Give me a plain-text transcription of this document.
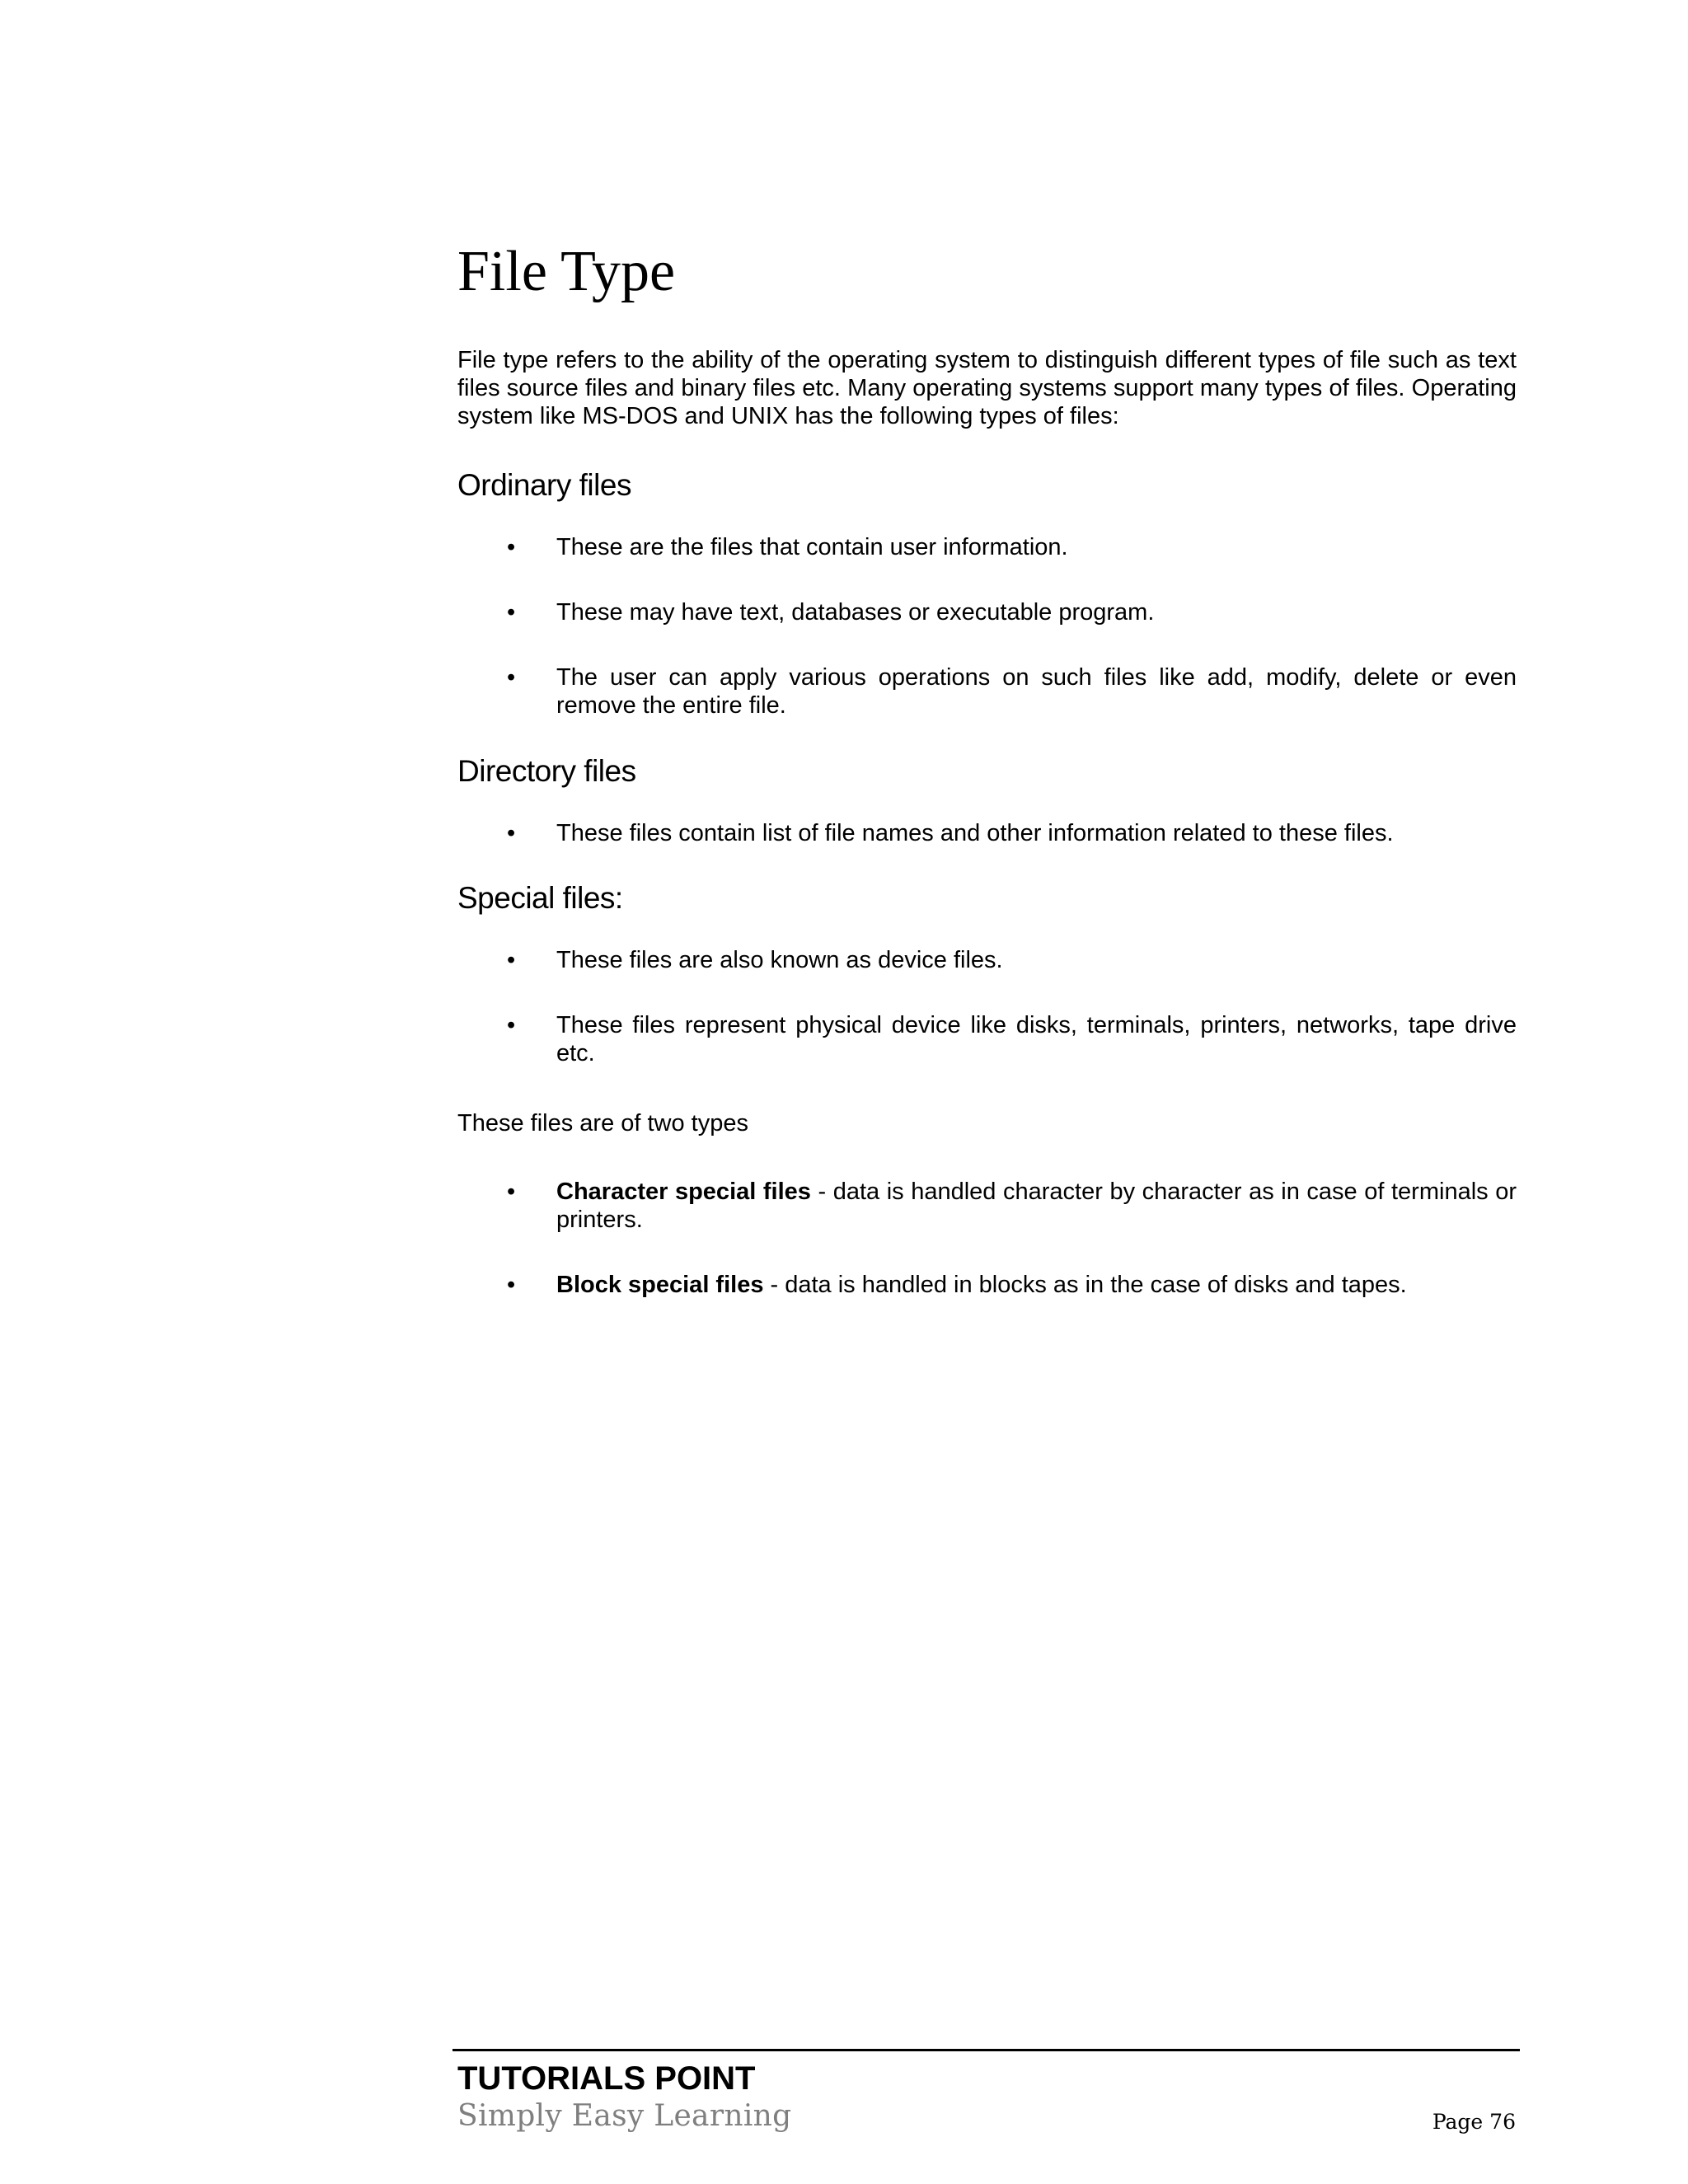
File Type

File type refers to the ability of the operating system to distinguish different types of file such as text files source files and binary files etc. Many operating systems support many types of files. Operating system like MS-DOS and UNIX has the following types of files:

Ordinary files
• These are the files that contain user information.
• These may have text, databases or executable program.
• The user can apply various operations on such files like add, modify, delete or even remove the entire file.
Directory files
• These files contain list of file names and other information related to these files.
Special files:
• These files are also known as device files.
• These files represent physical device like disks, terminals, printers, networks, tape drive etc.

These files are of two types

• Character special files - data is handled character by character as in case of terminals or printers.
• Block special files - data is handled in blocks as in the case of disks and tapes.

TUTORIALS POINT

Simply Easy Learning	Page 76
